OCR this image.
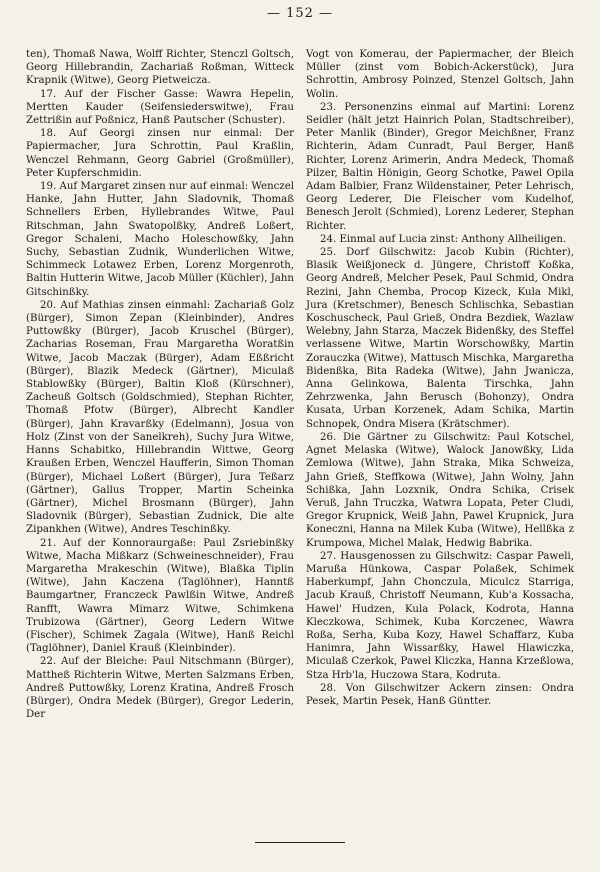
— 152 —

ten), Thomaß Nawa, Wolff Richter, Stenczl Goltsch, Georg Hillebrandin, Zachariaß Roßman, Witteck Krapnik (Witwe), Georg Pietweicza.

17. Auf der Fischer Gasse: Wawra Hepelin, Mertten Kauder (Seifensiederswitwe), Frau Zettrißin auf Poßnicz, Hanß Pautscher (Schuster).

18. Auf Georgi zinsen nur einmal: Der Papiermacher, Jura Schrottin, Paul Kraßlin, Wenczel Rehmann, Georg Gabriel (Großmüller), Peter Kupferschmidin.

19. Auf Margaret zinsen nur auf einmal: Wenczel Hanke, Jahn Hutter, Jahn Sladovnik, Thomaß Schnellers Erben, Hyllebrandes Witwe, Paul Ritschman, Jahn Swatopolßky, Andreß Loßert, Gregor Schaleni, Macho Holeschowßky, Jahn Suchy, Sebastian Zudnik, Wunderlichen Witwe, Schimmeck Lotawez Erben, Lorenz Morgenroth, Baltin Hutterin Witwe, Jacob Müller (Küchler), Jahn Gitschinßky.

20. Auf Mathias zinsen einmahl: Zachariaß Golz (Bürger), Simon Zepan (Kleinbinder), Andres Puttowßky (Bürger), Jacob Kruschel (Bürger), Zacharias Roseman, Frau Margaretha Woratßin Witwe, Jacob Maczak (Bürger), Adam Eßßricht (Bürger), Blazik Medeck (Gärtner), Miculaß Stablowßky (Bürger), Baltin Kloß (Kürschner), Zacheuß Goltsch (Goldschmied), Stephan Richter, Thomaß Pfotw (Bürger), Albrecht Kandler (Bürger), Jahn Kravarßky (Edelmann), Josua von Holz (Zinst von der Sanelkreh), Suchy Jura Witwe, Hanns Schabitko, Hillebrandin Wittwe, Georg Kraußen Erben, Wenczel Haufferin, Simon Thoman (Bürger), Michael Loßert (Bürger), Jura Teßarz (Gärtner), Gallus Tropper, Martin Scheinka (Gärtner), Michel Brosmann (Bürger), Jahn Sladovnik (Bürger), Sebastian Zudnick, Die alte Zipankhen (Witwe), Andres Teschinßky.

21. Auf der Konnoraurgaße: Paul Zsriebinßky Witwe, Macha Mißkarz (Schweineschneider), Frau Margaretha Mrakeschin (Witwe), Blaßka Tiplin (Witwe), Jahn Kaczena (Taglöhner), Hanntß Baumgartner, Franczeck Pawlßin Witwe, Andreß Ranfft, Wawra Mimarz Witwe, Schimkena Trubizowa (Gärtner), Georg Ledern Witwe (Fischer), Schimek Zagala (Witwe), Hanß Reichl (Taglöhner), Daniel Krauß (Kleinbinder).

22. Auf der Bleiche: Paul Nitschmann (Bürger), Mattheß Richterin Witwe, Merten Salzmans Erben, Andreß Puttowßky, Lorenz Kratina, Andreß Frosch (Bürger), Ondra Medek (Bürger), Gregor Lederin, Der

Vogt von Komerau, der Papiermacher, der Bleich Müller (zinst vom Bobich-Ackerstück), Jura Schrottin, Ambrosy Poinzed, Stenzel Goltsch, Jahn Wolin.

23. Personenzins einmal auf Martini: Lorenz Seidler (hält jetzt Hainrich Polan, Stadtschreiber), Peter Manlik (Binder), Gregor Meichßner, Franz Richterin, Adam Cunradt, Paul Berger, Hanß Richter, Lorenz Arimerin, Andra Medeck, Thomaß Pilzer, Baltin Hönigin, Georg Schotke, Pawel Opila Adam Balbier, Franz Wildenstainer, Peter Lehrisch, Georg Lederer, Die Fleischer vom Kudelhof, Benesch Jerolt (Schmied), Lorenz Lederer, Stephan Richter.

24. Einmal auf Lucia zinst: Anthony Allheiligen.

25. Dorf Gilschwitz: Jacob Kubin (Richter), Blasik Weißjoneck d. Jüngere, Christoff Koßka, Georg Andreß, Melcher Pesek, Paul Schmid, Ondra Rezini, Jahn Chemba, Procop Kizeck, Kula Mikl, Jura (Kretschmer), Benesch Schlischka, Sebastian Koschuscheck, Paul Grieß, Ondra Bezdiek, Wazlaw Welebny, Jahn Starza, Maczek Bidenßky, des Steffel verlassene Witwe, Martin Worschowßky, Martin Zorauczka (Witwe), Mattusch Mischka, Margaretha Bidenßka, Bita Radeka (Witwe), Jahn Jwanicza, Anna Gelinkowa, Balenta Tirschka, Jahn Zehrzwenka, Jahn Berusch (Bohonzy), Ondra Kusata, Urban Korzenek, Adam Schika, Martin Schnopek, Ondra Misera (Krätschmer).

26. Die Gärtner zu Gilschwitz: Paul Kotschel, Agnet Melaska (Witwe), Walock Janowßky, Lida Zemlowa (Witwe), Jahn Straka, Mika Schweiza, Jahn Grieß, Steffkowa (Witwe), Jahn Wolny, Jahn Schißka, Jahn Lozxnik, Ondra Schika, Crisek Veruß, Jahn Truczka, Watwra Lopata, Peter Cludi, Gregor Krupnick, Weiß Jahn, Pawel Krupnick, Jura Koneczni, Hanna na Milek Kuba (Witwe), Hellßka z Krumpowa, Michel Malak, Hedwig Babrika.

27. Hausgenossen zu Gilschwitz: Caspar Paweli, Marußa Hünkowa, Caspar Polaßek, Schimek Haberkumpf, Jahn Chonczula, Miculcz Starriga, Jacub Krauß, Christoff Neumann, Kub'a Kossacha, Hawel' Hudzen, Kula Polack, Kodrota, Hanna Kleczkowa, Schimek, Kuba Korczenec, Wawra Roßa, Serha, Kuba Kozy, Hawel Schaffarz, Kuba Hanimra, Jahn Wissarßky, Hawel Hlawiczka, Miculaß Czerkok, Pawel Kliczka, Hanna Krzeßlowa, Stza Hrb'la, Huczowa Stara, Kodruta.

28. Von Gilschwitzer Ackern zinsen: Ondra Pesek, Martin Pesek, Hanß Güntter.
